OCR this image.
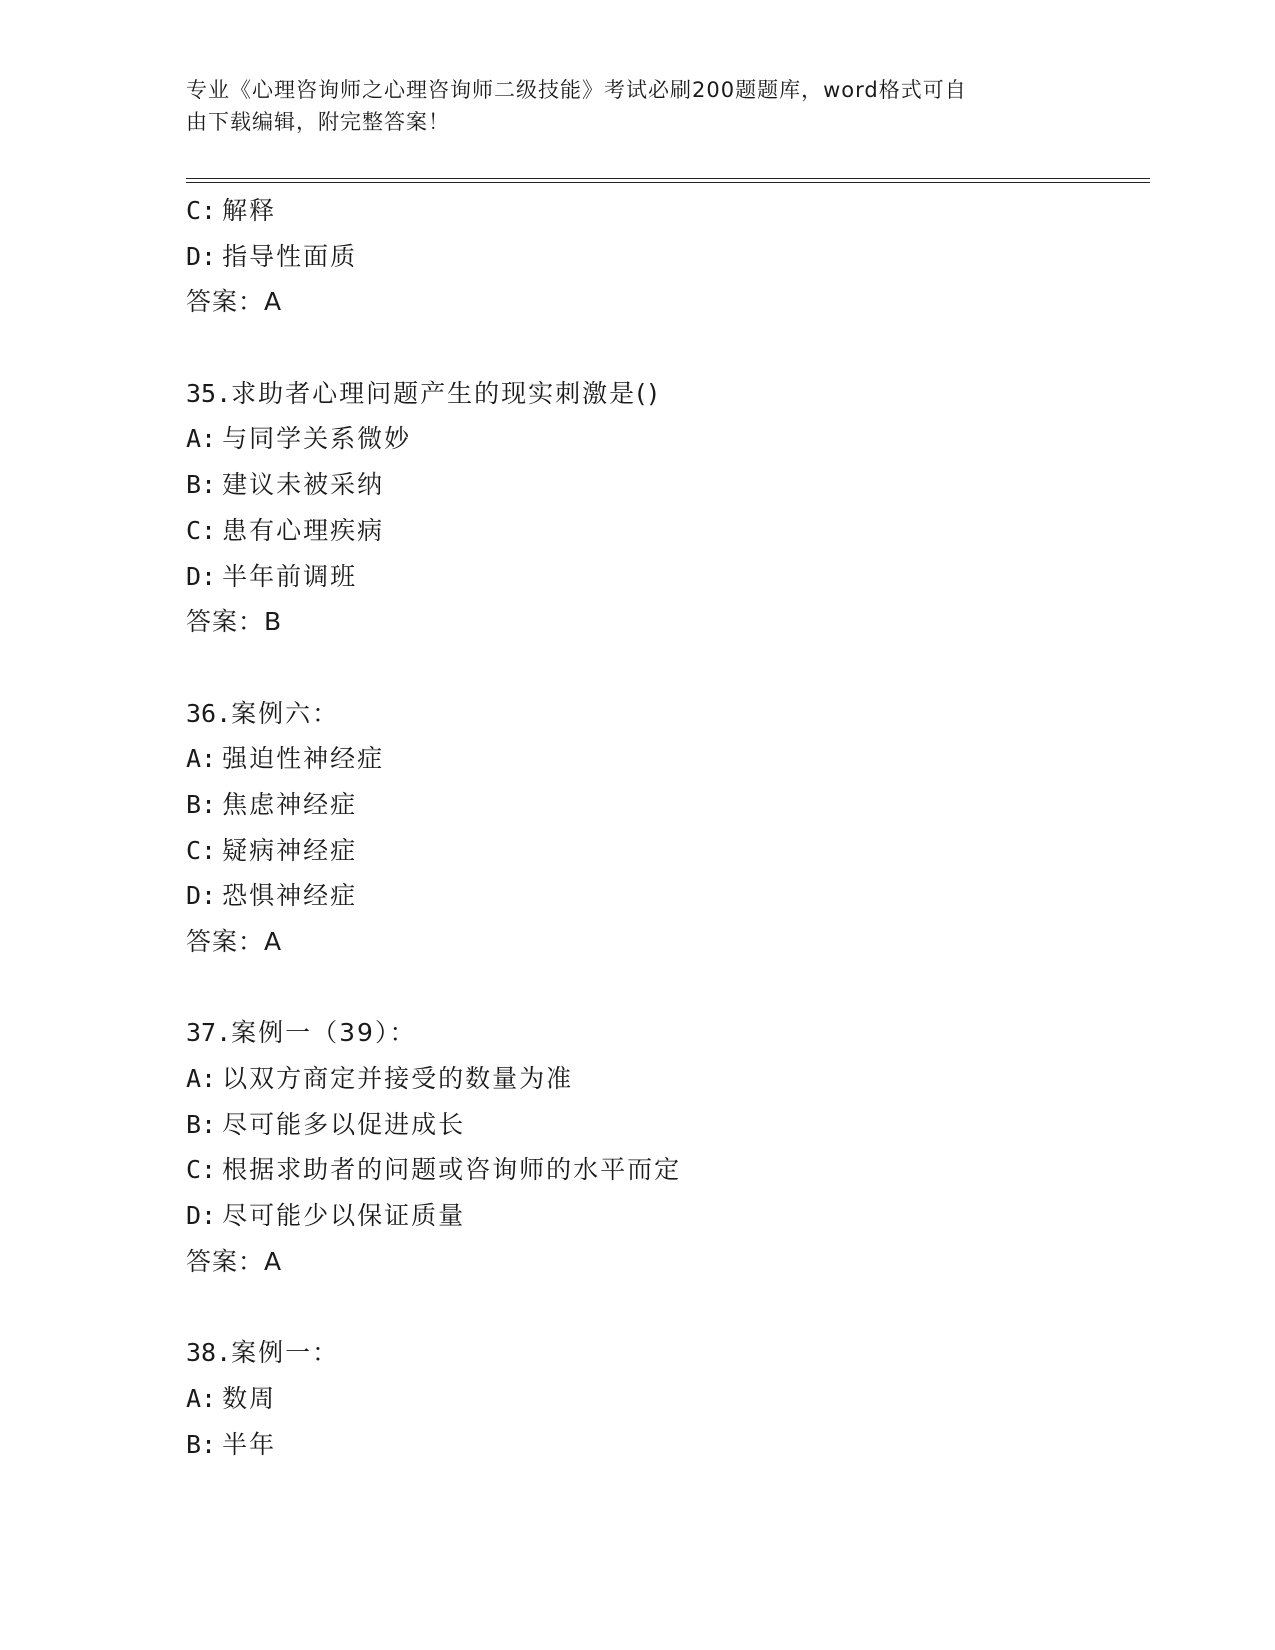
专业《心理咨询师之心理咨询师二级技能》考试必刷200题题库，word格式可自
由下载编辑，附完整答案！
C: 解释
D: 指导性面质
答案：A
35.求助者心理问题产生的现实刺激是()
A: 与同学关系微妙
B: 建议未被采纳
C: 患有心理疾病
D: 半年前调班
答案：B
36.案例六：
A: 强迫性神经症
B: 焦虑神经症
C: 疑病神经症
D: 恐惧神经症
答案：A
37.案例一（39）：
A: 以双方商定并接受的数量为准
B: 尽可能多以促进成长
C: 根据求助者的问题或咨询师的水平而定
D: 尽可能少以保证质量
答案：A
38.案例一：
A: 数周
B: 半年
